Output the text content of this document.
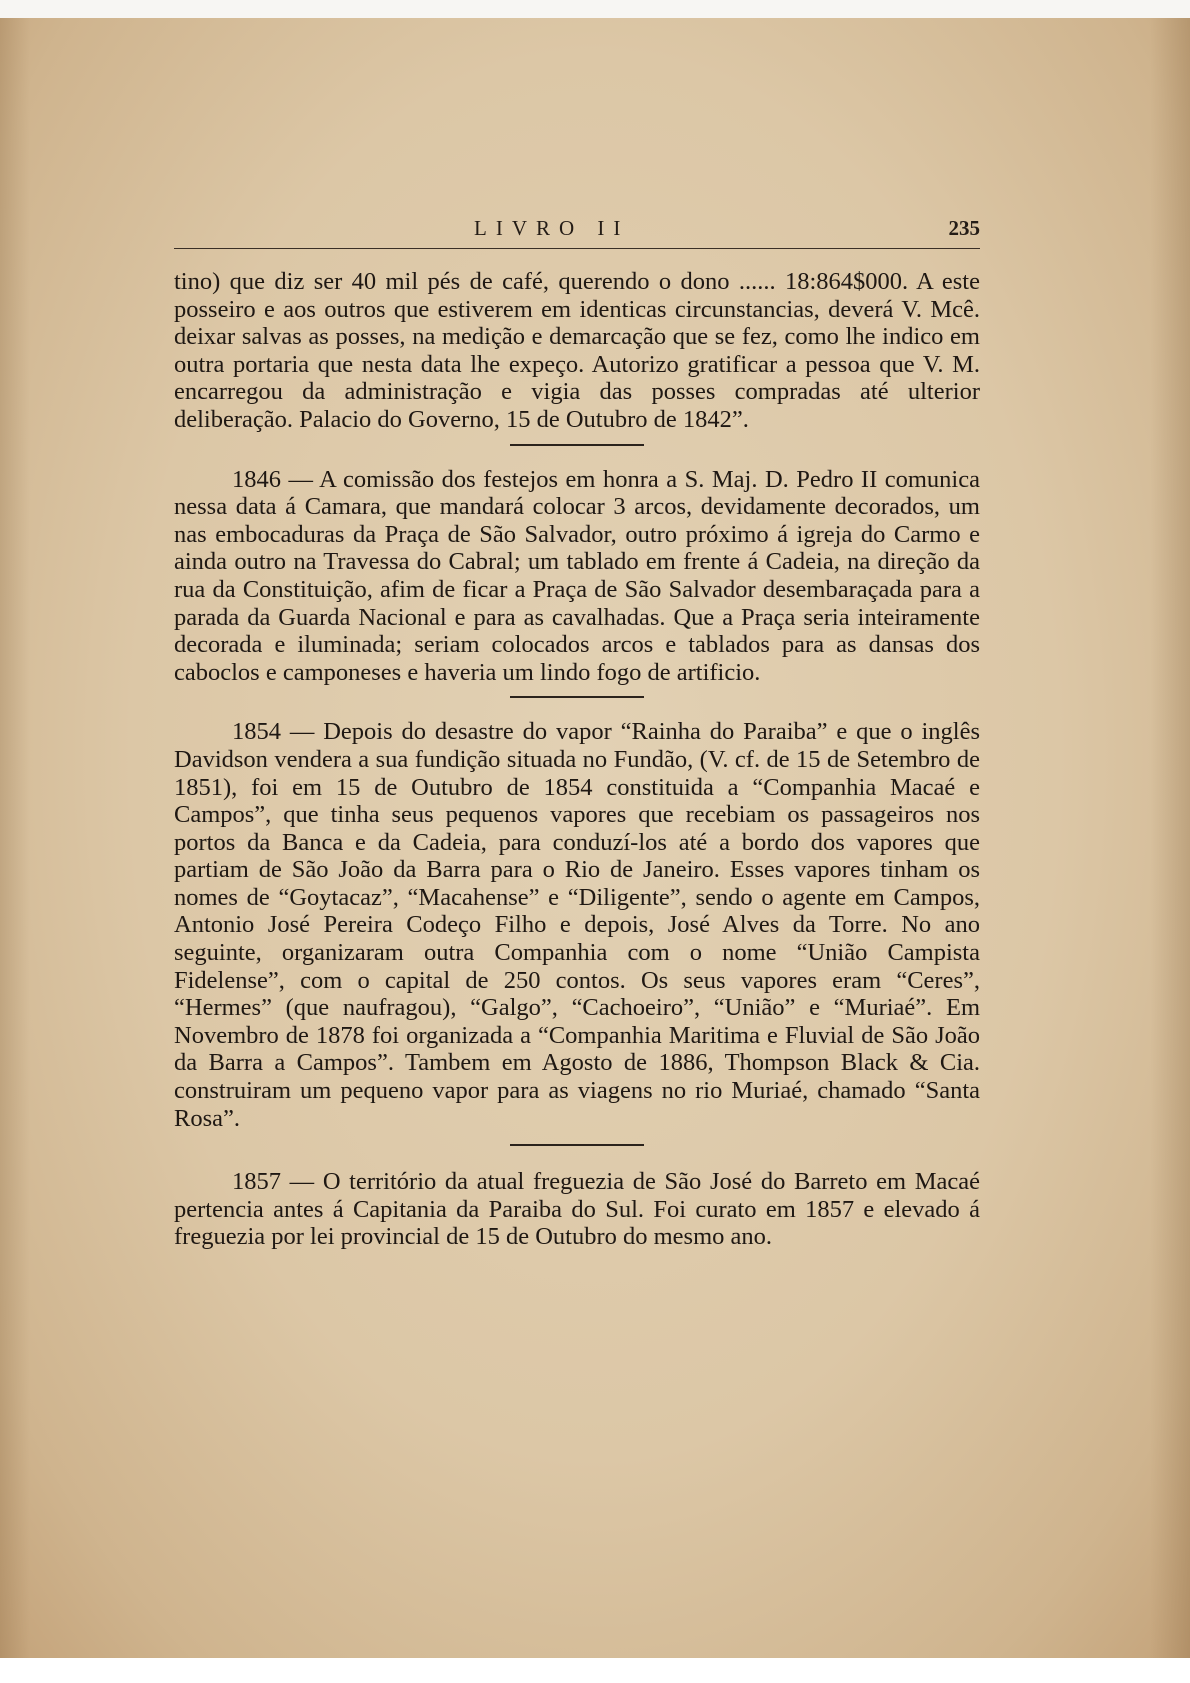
LIVRO II	235

tino) que diz ser 40 mil pés de café, querendo o dono ...... 18:864$000. A este posseiro e aos outros que estiverem em identicas circunstancias, deverá V. Mcê. deixar salvas as posses, na medição e demarcação que se fez, como lhe indico em outra portaria que nesta data lhe expeço. Autorizo gratificar a pessoa que V. M. encarregou da administração e vigia das posses compradas até ulterior deliberação. Palacio do Governo, 15 de Outubro de 1842”.

1846 — A comissão dos festejos em honra a S. Maj. D. Pedro II comunica nessa data á Camara, que mandará colocar 3 arcos, devidamente decorados, um nas embocaduras da Praça de São Salvador, outro próximo á igreja do Carmo e ainda outro na Travessa do Cabral; um tablado em frente á Cadeia, na direção da rua da Constituição, afim de ficar a Praça de São Salvador desembaraçada para a parada da Guarda Nacional e para as cavalhadas. Que a Praça seria inteiramente decorada e iluminada; seriam colocados arcos e tablados para as dansas dos caboclos e camponeses e haveria um lindo fogo de artificio.

1854 — Depois do desastre do vapor “Rainha do Paraiba” e que o inglês Davidson vendera a sua fundição situada no Fundão, (V. cf. de 15 de Setembro de 1851), foi em 15 de Outubro de 1854 constituida a “Companhia Macaé e Campos”, que tinha seus pequenos vapores que recebiam os passageiros nos portos da Banca e da Cadeia, para conduzí-los até a bordo dos vapores que partiam de São João da Barra para o Rio de Janeiro. Esses vapores tinham os nomes de “Goytacaz”, “Macahense” e “Diligente”, sendo o agente em Campos, Antonio José Pereira Codeço Filho e depois, José Alves da Torre. No ano seguinte, organizaram outra Companhia com o nome “União Campista Fidelense”, com o capital de 250 contos. Os seus vapores eram “Ceres”, “Hermes” (que naufragou), “Galgo”, “Cachoeiro”, “União” e “Muriaé”. Em Novembro de 1878 foi organizada a “Companhia Maritima e Fluvial de São João da Barra a Campos”. Tambem em Agosto de 1886, Thompson Black & Cia. construiram um pequeno vapor para as viagens no rio Muriaé, chamado “Santa Rosa”.

1857 — O território da atual freguezia de São José do Barreto em Macaé pertencia antes á Capitania da Paraiba do Sul. Foi curato em 1857 e elevado á freguezia por lei provincial de 15 de Outubro do mesmo ano.
